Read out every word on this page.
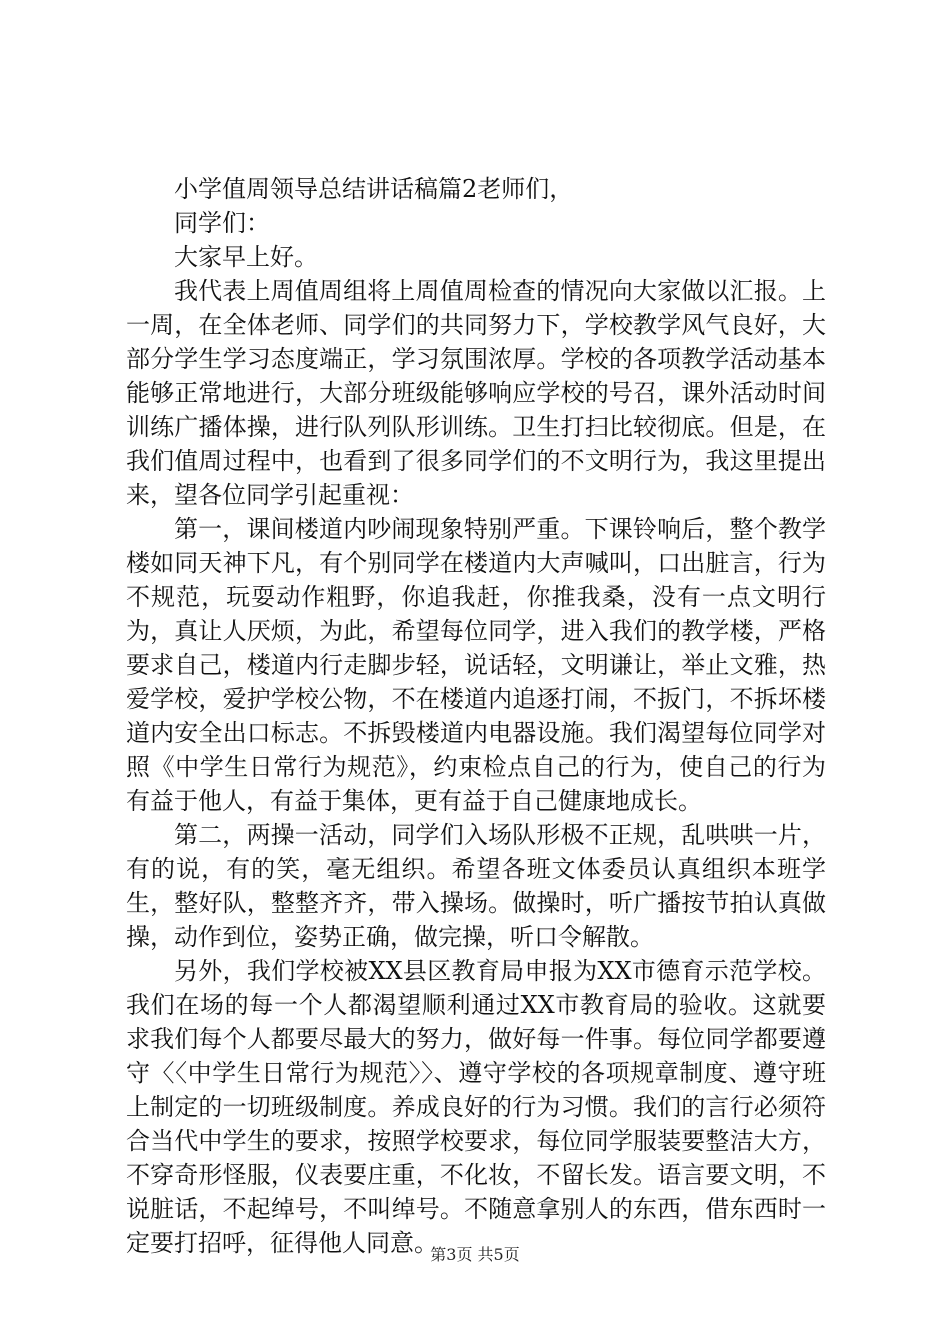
小学值周领导总结讲话稿篇2老师们，

同学们：

大家早上好。

我代表上周值周组将上周值周检查的情况向大家做以汇报。上一周，在全体老师、同学们的共同努力下，学校教学风气良好，大部分学生学习态度端正，学习氛围浓厚。学校的各项教学活动基本能够正常地进行，大部分班级能够响应学校的号召，课外活动时间训练广播体操，进行队列队形训练。卫生打扫比较彻底。但是，在我们值周过程中，也看到了很多同学们的不文明行为，我这里提出来，望各位同学引起重视：

第一，课间楼道内吵闹现象特别严重。下课铃响后，整个教学楼如同天神下凡，有个别同学在楼道内大声喊叫，口出脏言，行为不规范，玩耍动作粗野，你追我赶，你推我桑，没有一点文明行为，真让人厌烦，为此，希望每位同学，进入我们的教学楼，严格要求自己，楼道内行走脚步轻，说话轻，文明谦让，举止文雅，热爱学校，爱护学校公物，不在楼道内追逐打闹，不扳门，不拆坏楼道内安全出口标志。不拆毁楼道内电器设施。我们渴望每位同学对照《中学生日常行为规范》，约束检点自己的行为，使自己的行为有益于他人，有益于集体，更有益于自己健康地成长。

第二，两操一活动，同学们入场队形极不正规，乱哄哄一片，有的说，有的笑，毫无组织。希望各班文体委员认真组织本班学生，整好队，整整齐齐，带入操场。做操时，听广播按节拍认真做操，动作到位，姿势正确，做完操，听口令解散。

另外，我们学校被XX县区教育局申报为XX市德育示范学校。我们在场的每一个人都渴望顺利通过XX市教育局的验收。这就要求我们每个人都要尽最大的努力，做好每一件事。每位同学都要遵守〈〈中学生日常行为规范〉〉、遵守学校的各项规章制度、遵守班上制定的一切班级制度。养成良好的行为习惯。我们的言行必须符合当代中学生的要求，按照学校要求，每位同学服装要整洁大方，不穿奇形怪服，仪表要庄重，不化妆，不留长发。语言要文明，不说脏话，不起绰号，不叫绰号。不随意拿别人的东西，借东西时一定要打招呼，征得他人同意。

第3页 共5页
